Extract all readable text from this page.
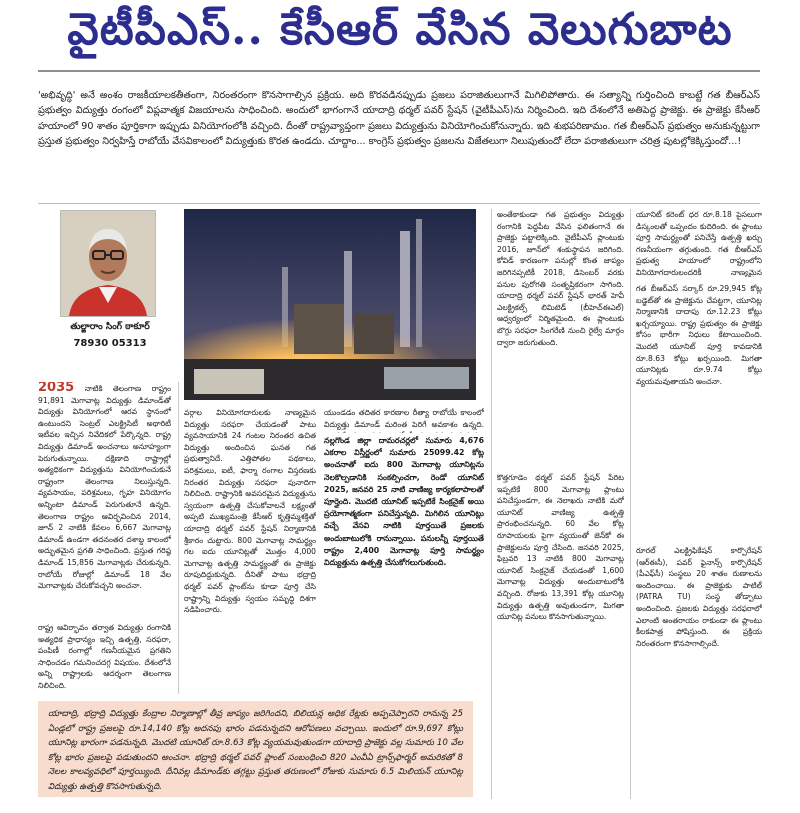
వైటీపీఎస్.. కేసీఆర్ వేసిన వెలుగుబాట
'అభివృద్ధి' అనే అంశం రాజకీయాలకతీతంగా, నిరంతరంగా కొనసాగాల్సిన ప్రక్రియ. అది కొరవడినప్పుడు ప్రజలు పరాజితులుగానే మిగిలిపోతారు. ఈ సత్యాన్ని గుర్తించింది కాబట్టే గత బీఆర్ఎస్ ప్రభుత్వం విద్యుత్తు రంగంలో విప్లవాత్మక విజయాలను సాధించింది. అందులో భాగంగానే యాదాద్రి థర్మల్ పవర్ స్టేషన్ (వైటీపీఎస్)ను నిర్మించింది. ఇది దేశంలోనే అతిపెద్ద ప్రాజెక్టు. ఈ ప్రాజెక్టు కేసీఆర్ హయాంలో 90 శాతం పూర్తికాగా ఇప్పుడు వినియోగంలోకి వచ్చింది. దీంతో రాష్ట్రవ్యాప్తంగా ప్రజలు విద్యుత్తును వినియోగించుకోనున్నారు. ఇది శుభపరిణామం. గత బీఆర్ఎస్ ప్రభుత్వం అనుకున్నట్టుగా ప్రస్తుత ప్రభుత్వం నిర్వహిస్తే రాబోయే వేసవికాలంలో విద్యుత్తుకు కొరత ఉండదు. చూద్దాం... కాంగ్రెస్ ప్రభుత్వం ప్రజలను విజేతలుగా నిలుపుతుందో లేదా పరాజితులుగా చరిత్ర పుటల్లోకెక్కిస్తుందో...!
తుల్జారాం సింగ్ ఠాకూర్
78930 05313
2035 నాటికి తెలంగాణ రాష్ట్రం 91,891 మెగావాట్ల విద్యుత్తు డిమాండ్‌తో విద్యుత్తు వినియోగంలో ఆరవ స్థానంలో ఉంటుందని సెంట్రల్ ఎలక్ట్రిసిటీ అథారిటీ ఇటీవల ఇచ్చిన నివేదికలో పేర్కొన్నది. రాష్ట్ర విద్యుత్తు డిమాండ్ అంచనాలు అనూహ్యంగా పెరుగుతున్నాయి. దక్షిణాది రాష్ట్రాల్లో అత్యధికంగా విద్యుత్తును వినియోగించుకునే రాష్ట్రంగా తెలంగాణ నిలుస్తున్నది. వ్యవసాయం, పరిశ్రమలు, గృహ వినియోగం అన్నింటా డిమాండ్ పెరుగుతూనే ఉన్నది. తెలంగాణ రాష్ట్రం ఆవిర్భవించిన 2014, జూన్ 2 నాటికి కేవలం 6,667 మెగావాట్ల డిమాండ్ ఉండగా తదనంతర దశాబ్ద కాలంలో అద్భుతమైన ప్రగతి సాధించింది. ప్రస్తుత గరిష్ఠ డిమాండ్ 15,856 మెగావాట్లకు చేరుకున్నది. రాబోయే రోజుల్లో డిమాండ్ 18 వేల మెగావాట్లకు చేరుకోవచ్చని అంచనా.
రాష్ట్ర ఆవిర్భావం తర్వాత విద్యుత్తు రంగానికి అత్యధిక ప్రాధాన్యం ఇచ్చి ఉత్పత్తి, సరఫరా, పంపిణీ రంగాల్లో గణనీయమైన ప్రగతిని సాధించడం గమనించదగ్గ విషయం. దేశంలోనే అన్ని రాష్ట్రాలకు ఆదర్శంగా తెలంగాణ నిలిచింది.
వర్గాల వినియోగదారులకు నాణ్యమైన విద్యుత్తు సరఫరా చేయడంతో పాటు వ్యవసాయానికి 24 గంటల నిరంతర ఉచిత విద్యుత్తు అందించిన ఘనత గత ప్రభుత్వానిదే. ఎత్తిపోతల పథకాలు, పరిశ్రమలు, ఐటీ, ఫార్మా రంగాల విస్తరణకు నిరంతర విద్యుత్తు సరఫరా పునాదిగా నిలిచింది. రాష్ట్రానికి అవసరమైన విద్యుత్తును స్వయంగా ఉత్పత్తి చేసుకోవాలనే లక్ష్యంతో అప్పటి ముఖ్యమంత్రి కేసీఆర్ కృత్తిమ్మశక్తితో యాదాద్రి థర్మల్ పవర్ స్టేషన్ నిర్మాణానికి శ్రీకారం చుట్టారు. 800 మెగావాట్ల సామర్థ్యం గల ఐదు యూనిట్లతో మొత్తం 4,000 మెగావాట్ల ఉత్పత్తి సామర్థ్యంతో ఈ ప్రాజెక్టు రూపుదిద్దుకున్నది. దీనితో పాటు భద్రాద్రి థర్మల్ పవర్ ప్లాంట్‌ను కూడా పూర్తి చేసి రాష్ట్రాన్ని విద్యుత్తు స్వయం సమృద్ధి దిశగా నడిపించారు.
యుండడం తదితర కారణాల రీత్యా రాబోయే కాలంలో విద్యుత్తు డిమాండ్ మరింత పెరిగే అవకాశం ఉన్నది.
నల్లగొండ జిల్లా దామరచర్లలో సుమారు 4,676 ఎకరాల విస్తీర్ణంలో సుమారు 25099.42 కోట్ల అంచనాతో ఐదు 800 మెగావాట్ల యూనిట్లను నెలకొల్పడానికి సంకల్పించగా, రెండో యూనిట్ 2025, జనవరి 25 నాటి వాణిజ్య కార్యకలాపాలతో పూర్తైంది. మొదటి యూనిట్ ఇప్పటికే సింక్రనైజ్ అయి ప్రయోగాత్మకంగా పనిచేస్తున్నది. మిగిలిన యూనిట్లు వచ్చే వేసవి నాటికి పూర్తయితే ప్రజలకు అందుబాటులోకి రానున్నాయి. పనులన్నీ పూర్తయితే రాష్ట్రం 2,400 మెగావాట్ల పూర్తి సామర్థ్యం విద్యుత్తును ఉత్పత్తి చేసుకోగలుగుతుంది.
అంతేకాకుండా గత ప్రభుత్వం విద్యుత్తు రంగానికి పెద్దపీట వేసిన ఫలితంగానే ఈ ప్రాజెక్టు పట్టాలెక్కింది. వైటీపీఎస్ ప్లాంటుకు 2016, జూన్‌లో శంకుస్థాపన జరిగింది. కోవిడ్ కారణంగా పనుల్లో కొంత జాప్యం జరిగినప్పటికీ 2018, డిసెంబర్ వరకు పనుల పురోగతి సంతృప్తికరంగా సాగింది. యాదాద్రి థర్మల్ పవర్ స్టేషన్ భారత్ హెవీ ఎలక్ట్రికల్స్ లిమిటెడ్ (బీహెచ్ఈఎల్) ఆధ్వర్యంలో నిర్మితమైంది. ఈ ప్లాంటుకు బొగ్గు సరఫరా సింగరేణి నుంచి రైల్వే మార్గం ద్వారా జరుగుతుంది.
కొత్తగూడెం థర్మల్ పవర్ స్టేషన్ పేరిట ఇప్పటికే 800 మెగావాట్ల ప్లాంటు పనిచేస్తుండగా, ఈ నెలాఖరు నాటికి మరో యూనిట్ వాణిజ్య ఉత్పత్తి ప్రారంభించనున్నది. 60 వేల కోట్ల రూపాయలకు పైగా వ్యయంతో జెన్‌కో ఈ ప్రాజెక్టులను పూర్తి చేసింది. జనవరి 2025, ఫిబ్రవరి 13 నాటికి 800 మెగావాట్ల యూనిట్ సింక్రనైజ్ చేయడంతో 1,600 మెగావాట్ల విద్యుత్తు అందుబాటులోకి వచ్చింది. రోజుకు 13,391 కోట్ల యూనిట్ల విద్యుత్తు ఉత్పత్తి అవుతుండగా, మిగతా యూనిట్ల పనులు కొనసాగుతున్నాయి.
యూనిట్ కరెంట్ ధర రూ.8.18 పైసలుగా డిస్కంలతో ఒప్పందం కుదిరింది. ఈ ప్లాంటు పూర్తి సామర్థ్యంతో పనిచేస్తే ఉత్పత్తి ఖర్చు గణనీయంగా తగ్గుతుంది. గత బీఆర్ఎస్ ప్రభుత్వ హయాంలో రాష్ట్రంలోని వినియోగదారులందరికీ నాణ్యమైన
గత బీఆర్ఎస్ సర్కార్ రూ.29,945 కోట్ల బడ్జెట్‌తో ఈ ప్రాజెక్టును చేపట్టగా, యూనిట్ల నిర్మాణానికి దాదాపు రూ.12.23 కోట్లు ఖర్చయ్యాయి. రాష్ట్ర ప్రభుత్వం ఈ ప్రాజెక్టు కోసం భారీగా నిధులు కేటాయించింది. మొదటి యూనిట్ పూర్తి కావడానికి రూ.8.63 కోట్లు ఖర్చయింది. మిగతా యూనిట్లకు రూ.9.74 కోట్లు వ్యయమవుతాయని అంచనా.
రూరల్ ఎలక్ట్రిఫికేషన్ కార్పొరేషన్ (ఆర్ఈసీ), పవర్ ఫైనాన్స్ కార్పొరేషన్ (పీఎఫ్‌సీ) సంస్థలు 20 శాతం రుణాలను అందించాయి. ఈ ప్రాజెక్టుకు పాటిల్ (PATRA TU) సంస్థ తోడ్పాటు అందించింది. ప్రజలకు విద్యుత్తు సరఫరాలో ఎలాంటి అంతరాయం రాకుండా ఈ ప్లాంటు కీలకపాత్ర పోషిస్తుంది. ఈ ప్రక్రియ నిరంతరంగా కొనసాగాల్సిందే.
యాదాద్రి, భద్రాద్రి విద్యుత్తు కేంద్రాల నిర్మాణాల్లో తీవ్ర జాప్యం జరిగిందని, బిలియన్ల అధిక రేట్లకు అప్పచెప్పారని రానున్న 25 ఏండ్లలో రాష్ట్ర ప్రజలపై రూ.14,140 కోట్ల అదనపు భారం పడనున్నదని ఆరోపణలు వచ్చాయి. ఇందులో రూ.9,697 కోట్లు యూనిట్ల భారంగా పడనున్నది. మొదటి యూనిట్ రూ.8.63 కోట్ల వ్యయమవుతుండగా యాదాద్రి ప్రాజెక్టు వల్ల సుమారు 10 వేల కోట్ల భారం ప్రజలపై పడుతుందని అంచనా. భద్రాద్రి థర్మల్ పవర్ ప్లాంట్ సంబంధించి 820 ఎంవీఏ ట్రాన్స్‌ఫార్మర్ అమరికతో 8 నెలల కాలవ్యవధిలో పూర్తయ్యింది. దీనివల్ల డిమాండ్‌కు తగ్గట్టు ప్రస్తుత తరుణంలో రోజుకు సుమారు 6.5 మిలియన్ యూనిట్ల విద్యుత్తు ఉత్పత్తి కొనసాగుతున్నది.
